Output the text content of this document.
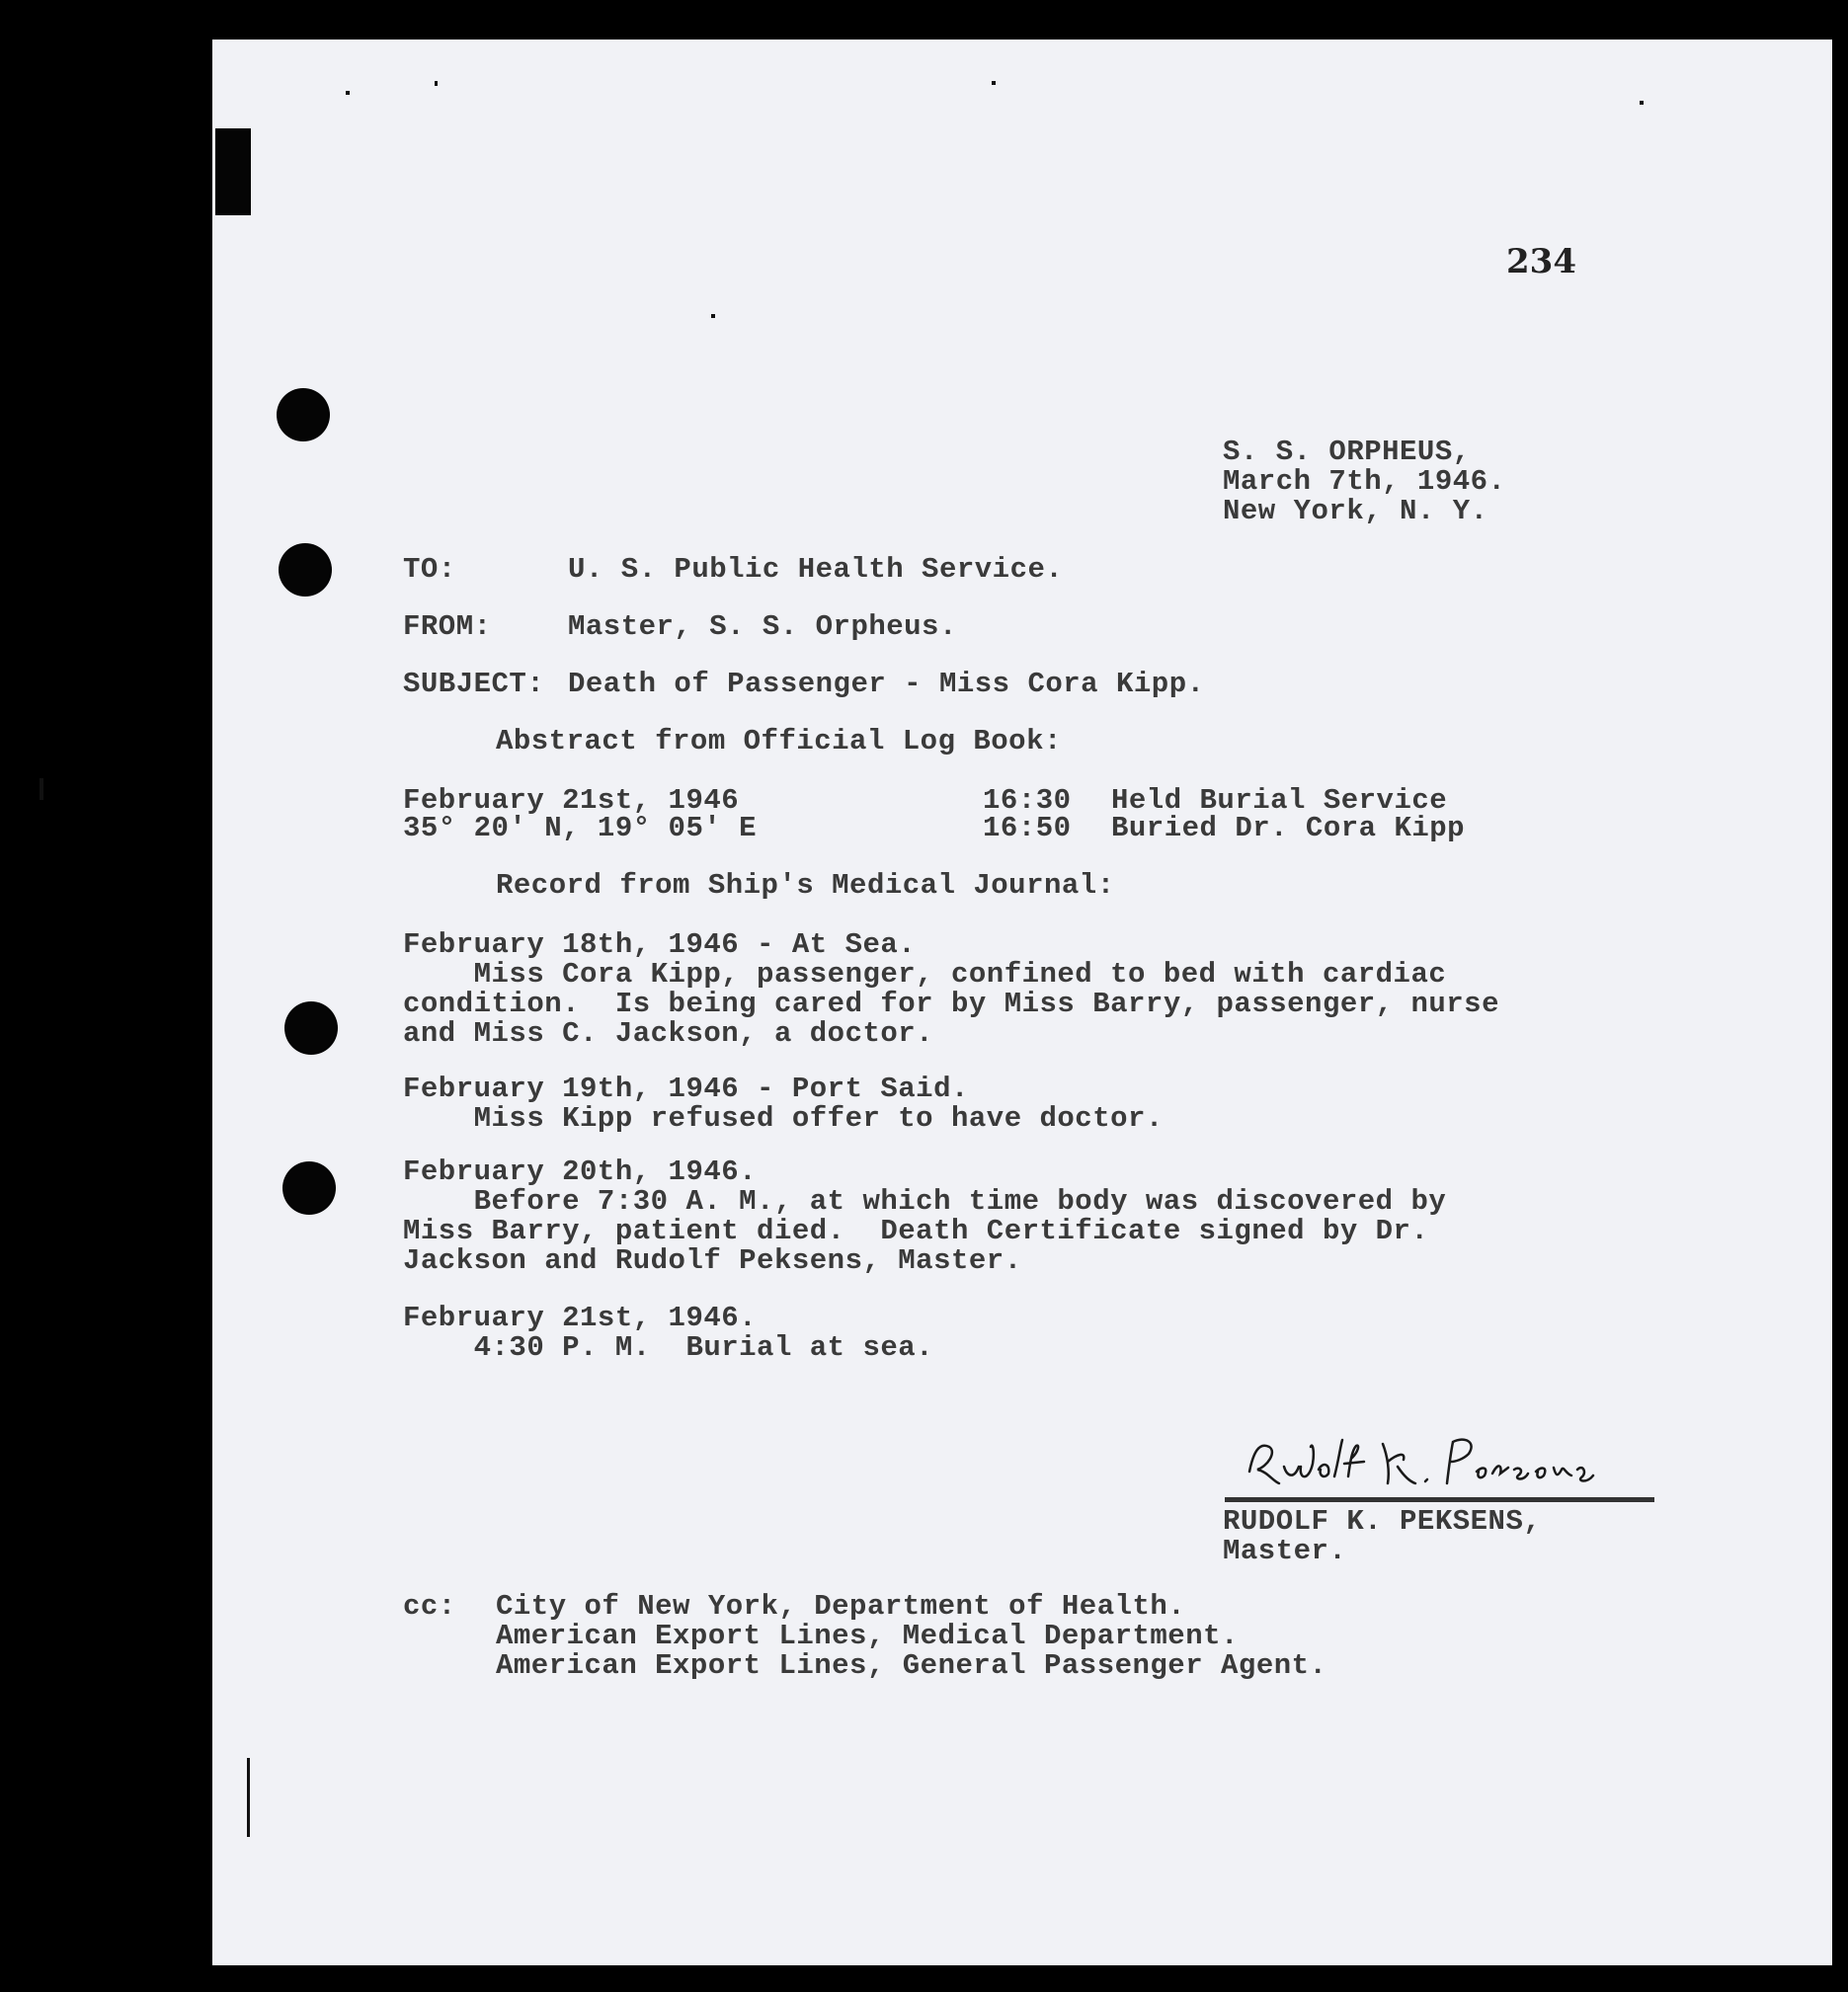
234
S. S. ORPHEUS,
March 7th, 1946.
New York, N. Y.
TO:	U. S. Public Health Service.
FROM:	Master, S. S. Orpheus.
SUBJECT: Death of Passenger - Miss Cora Kipp.
Abstract from Official Log Book:
February 21st, 1946	16:30 Held Burial Service
35° 20' N, 19° 05' E	16:50 Buried Dr. Cora Kipp
Record from Ship's Medical Journal:
February 18th, 1946 - At Sea.
Miss Cora Kipp, passenger, confined to bed with cardiac
condition.  Is being cared for by Miss Barry, passenger, nurse
and Miss C. Jackson, a doctor.
February 19th, 1946 - Port Said.
Miss Kipp refused offer to have doctor.
February 20th, 1946.
Before 7:30 A. M., at which time body was discovered by
Miss Barry, patient died.  Death Certificate signed by Dr.
Jackson and Rudolf Peksens, Master.
February 21st, 1946.
4:30 P. M.  Burial at sea.
RUDOLF K. PEKSENS,
Master.
cc: City of New York, Department of Health.
American Export Lines, Medical Department.
American Export Lines, General Passenger Agent.
